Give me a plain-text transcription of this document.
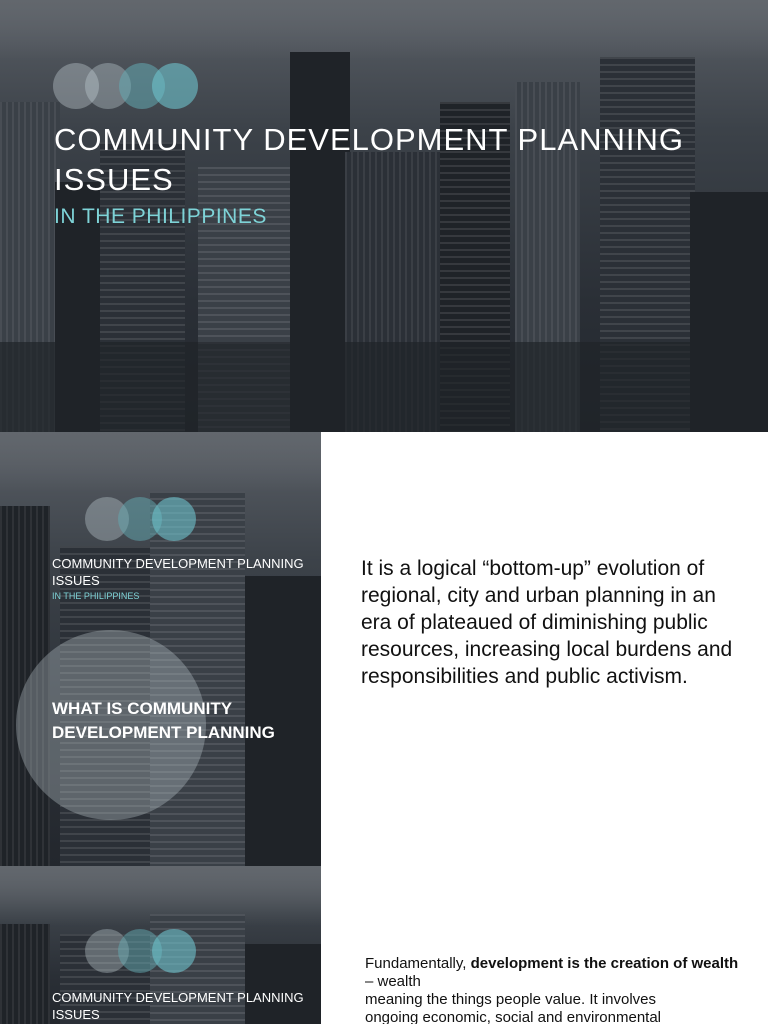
COMMUNITY DEVELOPMENT PLANNING ISSUES
IN THE PHILIPPINES
COMMUNITY DEVELOPMENT PLANNING ISSUES
IN THE PHILIPPINES
WHAT IS COMMUNITY DEVELOPMENT PLANNING
It is a logical “bottom-up” evolution of regional, city and urban planning in an era of plateaued of diminishing public resources, increasing local burdens and responsibilities and public activism.
COMMUNITY DEVELOPMENT PLANNING ISSUES
Fundamentally, development is the creation of wealth – wealth
meaning the things people value. It involves
ongoing economic, social and environmental
